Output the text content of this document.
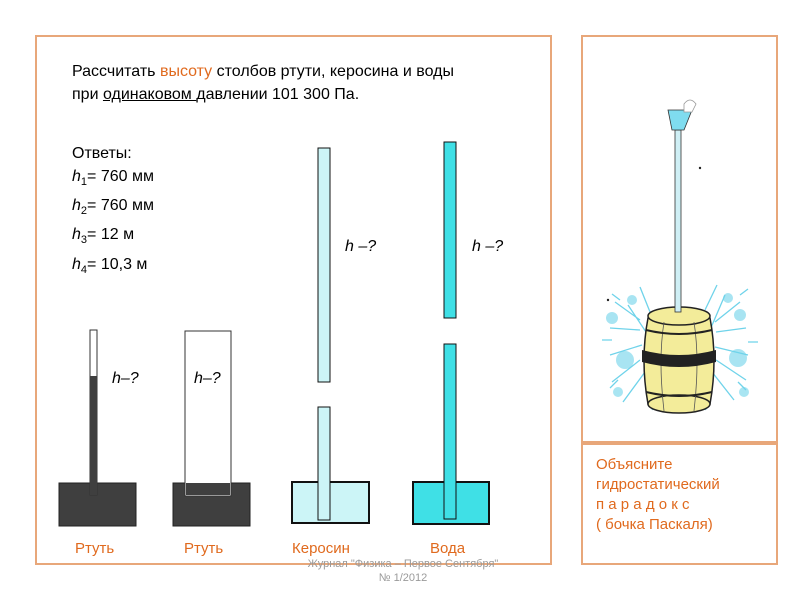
Рассчитать высоту столбов ртути, керосина и воды
при одинаковом давлении 101 300 Па.
Ответы:
$h_1= 760$ мм
$h_2= 760$ мм
$h_3= 12$ м
$h_4= 10,3$ м
h–?	h–?
h –?	h –?
Ртуть	Ртуть	Керосин	Вода
Объясните
гидростатический
п а р а д о к с
( бочка Паскаля)
Журнал "Физика – Первое Сентября"
№ 1/2012
